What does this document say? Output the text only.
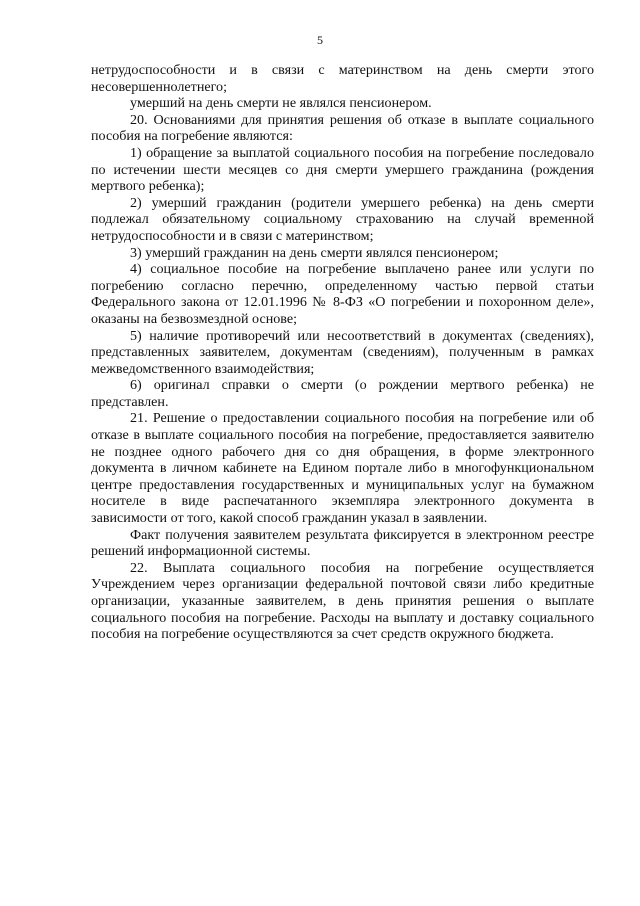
5

нетрудоспособности и в связи с материнством на день смерти этого несовершеннолетнего;

умерший на день смерти не являлся пенсионером.

20. Основаниями для принятия решения об отказе в выплате социального пособия на погребение являются:

1) обращение за выплатой социального пособия на погребение последовало по истечении шести месяцев со дня смерти умершего гражданина (рождения мертвого ребенка);

2) умерший гражданин (родители умершего ребенка) на день смерти подлежал обязательному социальному страхованию на случай временной нетрудоспособности и в связи с материнством;

3) умерший гражданин на день смерти являлся пенсионером;

4) социальное пособие на погребение выплачено ранее или услуги по погребению согласно перечню, определенному частью первой статьи Федерального закона от 12.01.1996 № 8-ФЗ «О погребении и похоронном деле», оказаны на безвозмездной основе;

5) наличие противоречий или несоответствий в документах (сведениях), представленных заявителем, документам (сведениям), полученным в рамках межведомственного взаимодействия;

6) оригинал справки о смерти (о рождении мертвого ребенка) не представлен.

21. Решение о предоставлении социального пособия на погребение или об отказе в выплате социального пособия на погребение, предоставляется заявителю не позднее одного рабочего дня со дня обращения, в форме электронного документа в личном кабинете на Едином портале либо в многофункциональном центре предоставления государственных и муниципальных услуг на бумажном носителе в виде распечатанного экземпляра электронного документа в зависимости от того, какой способ гражданин указал в заявлении.

Факт получения заявителем результата фиксируется в электронном реестре решений информационной системы.

22. Выплата социального пособия на погребение осуществляется Учреждением через организации федеральной почтовой связи либо кредитные организации, указанные заявителем, в день принятия решения о выплате социального пособия на погребение. Расходы на выплату и доставку социального пособия на погребение осуществляются за счет средств окружного бюджета.
